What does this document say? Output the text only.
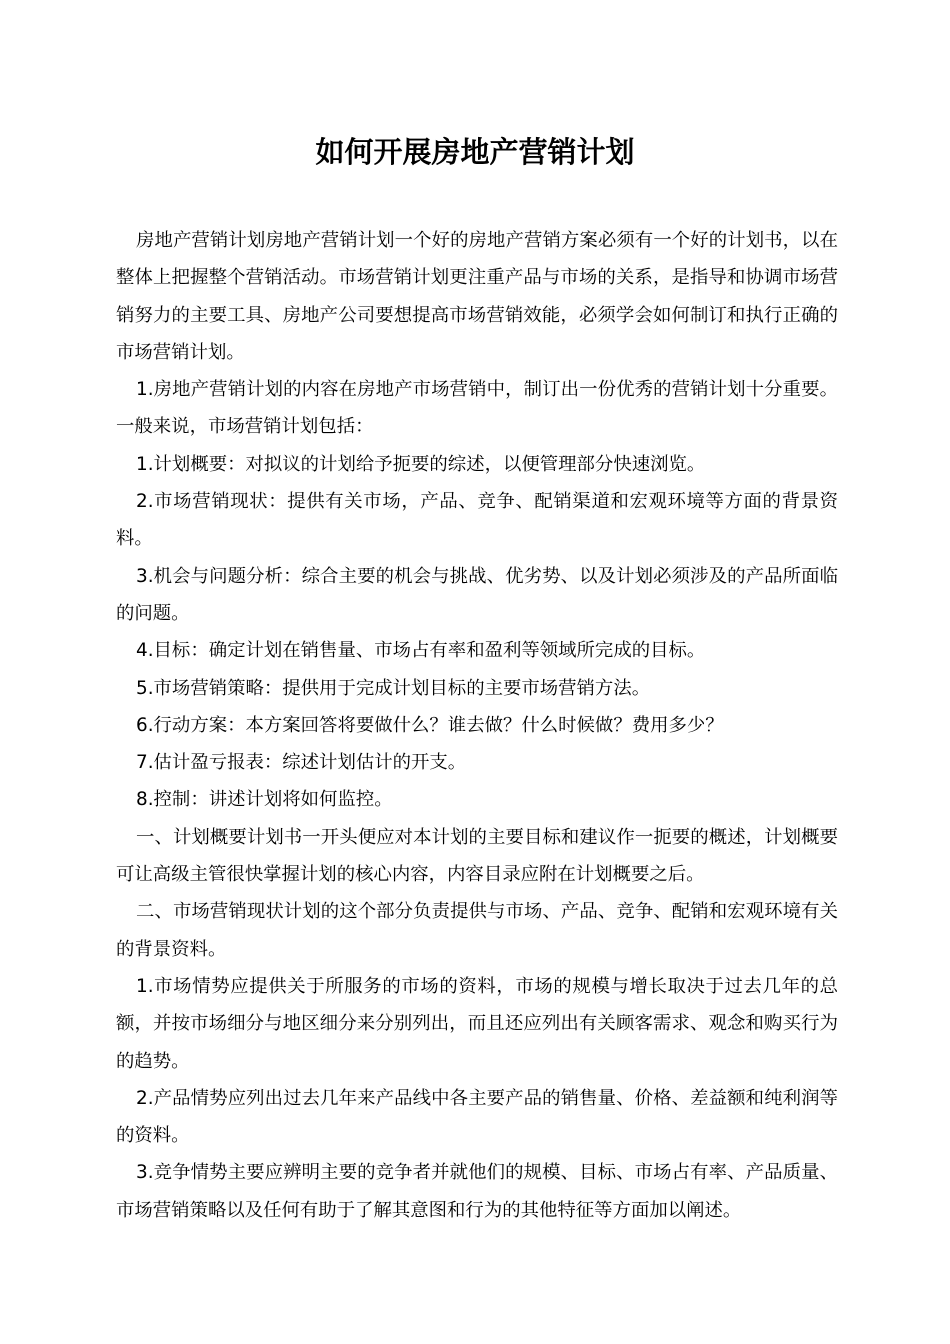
如何开展房地产营销计划

房地产营销计划房地产营销计划一个好的房地产营销方案必须有一个好的计划书，以在整体上把握整个营销活动。市场营销计划更注重产品与市场的关系，是指导和协调市场营销努力的主要工具、房地产公司要想提高市场营销效能，必须学会如何制订和执行正确的市场营销计划。

1.房地产营销计划的内容在房地产市场营销中，制订出一份优秀的营销计划十分重要。一般来说，市场营销计划包括：

1.计划概要：对拟议的计划给予扼要的综述，以便管理部分快速浏览。

2.市场营销现状：提供有关市场，产品、竞争、配销渠道和宏观环境等方面的背景资料。

3.机会与问题分析：综合主要的机会与挑战、优劣势、以及计划必须涉及的产品所面临的问题。

4.目标：确定计划在销售量、市场占有率和盈利等领域所完成的目标。

5.市场营销策略：提供用于完成计划目标的主要市场营销方法。

6.行动方案：本方案回答将要做什么？谁去做？什么时候做？费用多少？

7.估计盈亏报表：综述计划估计的开支。

8.控制：讲述计划将如何监控。

一、计划概要计划书一开头便应对本计划的主要目标和建议作一扼要的概述，计划概要可让高级主管很快掌握计划的核心内容，内容目录应附在计划概要之后。

二、市场营销现状计划的这个部分负责提供与市场、产品、竞争、配销和宏观环境有关的背景资料。

1.市场情势应提供关于所服务的市场的资料，市场的规模与增长取决于过去几年的总额，并按市场细分与地区细分来分别列出，而且还应列出有关顾客需求、观念和购买行为的趋势。

2.产品情势应列出过去几年来产品线中各主要产品的销售量、价格、差益额和纯利润等的资料。

3.竞争情势主要应辨明主要的竞争者并就他们的规模、目标、市场占有率、产品质量、市场营销策略以及任何有助于了解其意图和行为的其他特征等方面加以阐述。
